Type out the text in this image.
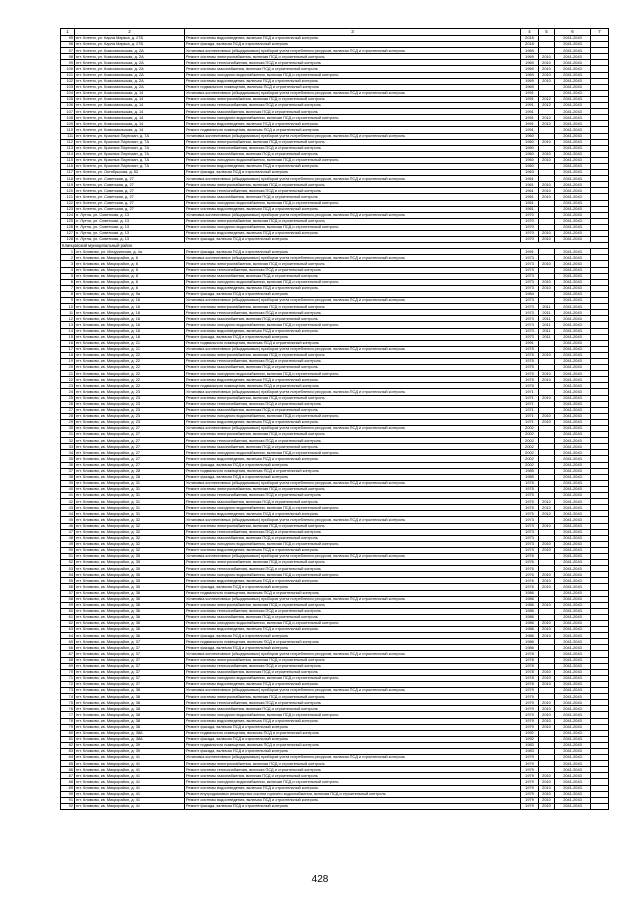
1	2	3	4	5	6	7
95	пгт. Клетня, ул. Карла Маркса, д. 27Б	Ремонт системы водоотведения, включая ПСД и строительный контроль	2018		2041-2043	
96	пгт. Клетня, ул. Карла Маркса, д. 27Б	Ремонт фасада, включая ПСД и строительный контроль	2018		2041-2043	
97	пгт. Клетня, ул. Комсомольская, д. 2А	Установка коллективных (общедомовых) приборов учета потребления ресурсов, включая ПСД и строительный контроль	1969		2041-2043	
98	пгт. Клетня, ул. Комсомольская, д. 2А	Ремонт системы электроснабжения, включая ПСД и строительный контроль	1969	2010	2041-2043	
99	пгт. Клетня, ул. Комсомольская, д. 2А	Ремонт системы теплоснабжения, включая ПСД и строительный контроль	1969	2010	2041-2043	
100	пгт. Клетня, ул. Комсомольская, д. 2А	Ремонт системы газоснабжения, включая ПСД и строительный контроль	1969	2010	2041-2043	
101	пгт. Клетня, ул. Комсомольская, д. 2А	Ремонт системы холодного водоснабжения, включая ПСД и строительный контроль	1969	2010	2041-2043	
102	пгт. Клетня, ул. Комсомольская, д. 2А	Ремонт системы водоотведения, включая ПСД и строительный контроль	1969	2010	2041-2043	
103	пгт. Клетня, ул. Комсомольская, д. 2А	Ремонт подвального помещения, включая ПСД и строительный контроль	1969		2041-2043	
104	пгт. Клетня, ул. Комсомольская, д. 14	Установка коллективных (общедомовых) приборов учета потребления ресурсов, включая ПСД и строительный контроль	1991		2041-2043	
105	пгт. Клетня, ул. Комсомольская, д. 14	Ремонт системы электроснабжения, включая ПСД и строительный контроль	1991	2012	2041-2043	
106	пгт. Клетня, ул. Комсомольская, д. 14	Ремонт системы теплоснабжения, включая ПСД и строительный контроль	1991	2012	2041-2043	
107	пгт. Клетня, ул. Комсомольская, д. 14	Ремонт системы газоснабжения, включая ПСД и строительный контроль	1991		2041-2043	
108	пгт. Клетня, ул. Комсомольская, д. 14	Ремонт системы холодного водоснабжения, включая ПСД и строительный контроль	1991	2012	2041-2043	
109	пгт. Клетня, ул. Комсомольская, д. 14	Ремонт системы водоотведения, включая ПСД и строительный контроль	1991	2012	2041-2043	
110	пгт. Клетня, ул. Комсомольская, д. 14	Ремонт подвального помещения, включая ПСД и строительный контроль	1991		2041-2043	
111	пгт. Клетня, ул. Красных Партизан, д. 7А	Установка коллективных (общедомовых) приборов учета потребления ресурсов, включая ПСД и строительный контроль	1960		2041-2043	
112	пгт. Клетня, ул. Красных Партизан, д. 7А	Ремонт системы электроснабжения, включая ПСД и строительный контроль	1960	2010	2041-2043	
113	пгт. Клетня, ул. Красных Партизан, д. 7А	Ремонт системы теплоснабжения, включая ПСД и строительный контроль	1960		2041-2043	
114	пгт. Клетня, ул. Красных Партизан, д. 7А	Ремонт системы газоснабжения, включая ПСД и строительный контроль	1960	2010	2041-2043	
115	пгт. Клетня, ул. Красных Партизан, д. 7А	Ремонт системы холодного водоснабжения, включая ПСД и строительный контроль	1960	2010	2041-2043	
116	пгт. Клетня, ул. Красных Партизан, д. 7А	Ремонт системы водоотведения, включая ПСД и строительный контроль	1960		2041-2043	
117	пгт. Клетня, ул. Октябрьская, д. 52	Ремонт фасада, включая ПСД и строительный контроль	1963		2041-2043	
118	пгт. Клетня, ул. Советская, д. 27	Установка коллективных (общедомовых) приборов учета потребления ресурсов, включая ПСД и строительный контроль	1961		2041-2043	
119	пгт. Клетня, ул. Советская, д. 27	Ремонт системы электроснабжения, включая ПСД и строительный контроль	1961	2010	2041-2043	
120	пгт. Клетня, ул. Советская, д. 27	Ремонт системы теплоснабжения, включая ПСД и строительный контроль	1961	2010	2041-2043	
121	пгт. Клетня, ул. Советская, д. 27	Ремонт системы газоснабжения, включая ПСД и строительный контроль	1961	2010	2041-2043	
122	пгт. Клетня, ул. Советская, д. 27	Ремонт системы холодного водоснабжения, включая ПСД и строительный контроль	1961		2041-2043	
123	пгт. Клетня, ул. Советская, д. 27	Ремонт системы водоотведения, включая ПСД и строительный контроль	1961		2041-2043	
124	п. Лутна, ул. Советская, д. 13	Установка коллективных (общедомовых) приборов учета потребления ресурсов, включая ПСД и строительный контроль	1970		2041-2043	
125	п. Лутна, ул. Советская, д. 13	Ремонт системы электроснабжения, включая ПСД и строительный контроль	1970		2041-2043	
126	п. Лутна, ул. Советская, д. 13	Ремонт системы холодного водоснабжения, включая ПСД и строительный контроль	1970		2041-2043	
127	п. Лутна, ул. Советская, д. 13	Ремонт системы водоотведения, включая ПСД и строительный контроль	1970	2010	2041-2043	
128	п. Лутна, ул. Советская, д. 13	Ремонт фасада, включая ПСД и строительный контроль	1970	2010	2041-2043	
Клинцовский муниципальный район						
1	пгт. Климово, ул. Мичуринская, д. 4а	Ремонт фасада, включая ПСД и строительный контроль	1991		2041-2043	
2	пгт. Климово, кв. Микрорайон, д. 8	Установка коллективных (общедомовых) приборов учета потребления ресурсов, включая ПСД и строительный контроль	1973		2041-2043	
3	пгт. Климово, кв. Микрорайон, д. 8	Ремонт системы электроснабжения, включая ПСД и строительный контроль	1973	2010	2041-2043	
4	пгт. Климово, кв. Микрорайон, д. 8	Ремонт системы теплоснабжения, включая ПСД и строительный контроль	1973		2041-2043	
5	пгт. Климово, кв. Микрорайон, д. 8	Ремонт системы газоснабжения, включая ПСД и строительный контроль	1973		2041-2043	
6	пгт. Климово, кв. Микрорайон, д. 8	Ремонт системы холодного водоснабжения, включая ПСД и строительный контроль	1973	2010	2041-2043	
7	пгт. Климово, кв. Микрорайон, д. 8	Ремонт системы водоотведения, включая ПСД и строительный контроль	1973	2010	2041-2043	
8	пгт. Климово, кв. Микрорайон, д. 9а	Ремонт фасада, включая ПСД и строительный контроль	1984		2041-2043	
9	пгт. Климово, кв. Микрорайон, д. 16	Установка коллективных (общедомовых) приборов учета потребления ресурсов, включая ПСД и строительный контроль	1973		2041-2043	
10	пгт. Климово, кв. Микрорайон, д. 16	Ремонт системы электроснабжения, включая ПСД и строительный контроль	1973	2011	2041-2043	
11	пгт. Климово, кв. Микрорайон, д. 16	Ремонт системы теплоснабжения, включая ПСД и строительный контроль	1973	2011	2041-2043	
12	пгт. Климово, кв. Микрорайон, д. 16	Ремонт системы газоснабжения, включая ПСД и строительный контроль	1973	2011	2041-2043	
13	пгт. Климово, кв. Микрорайон, д. 16	Ремонт системы холодного водоснабжения, включая ПСД и строительный контроль	1973	2011	2041-2043	
14	пгт. Климово, кв. Микрорайон, д. 16	Ремонт системы водоотведения, включая ПСД и строительный контроль	1973	2011	2041-2043	
15	пгт. Климово, кв. Микрорайон, д. 16	Ремонт фасада, включая ПСД и строительный контроль	1973	2011	2041-2043	
16	пгт. Климово, кв. Микрорайон, д. 21	Ремонт подвального помещения, включая ПСД и строительный контроль	1991		2041-2043	
17	пгт. Климово, кв. Микрорайон, д. 21	Установка коллективных (общедомовых) приборов учета потребления ресурсов, включая ПСД и строительный контроль	1975		2041-2043	
18	пгт. Климово, кв. Микрорайон, д. 22	Ремонт системы электроснабжения, включая ПСД и строительный контроль	1975	2010	2041-2043	
19	пгт. Климово, кв. Микрорайон, д. 22	Ремонт системы теплоснабжения, включая ПСД и строительный контроль	1975		2041-2043	
20	пгт. Климово, кв. Микрорайон, д. 22	Ремонт системы газоснабжения, включая ПСД и строительный контроль	1975		2041-2043	
21	пгт. Климово, кв. Микрорайон, д. 22	Ремонт системы холодного водоснабжения, включая ПСД и строительный контроль	1975	2010	2041-2043	
22	пгт. Климово, кв. Микрорайон, д. 22	Ремонт системы водоотведения, включая ПСД и строительный контроль	1975	2010	2041-2043	
23	пгт. Климово, кв. Микрорайон, д. 22	Ремонт подвального помещения, включая ПСД и строительный контроль	1975		2041-2043	
24	пгт. Климово, кв. Микрорайон, д. 23	Установка коллективных (общедомовых) приборов учета потребления ресурсов, включая ПСД и строительный контроль	1971		2041-2043	
25	пгт. Климово, кв. Микрорайон, д. 23	Ремонт системы электроснабжения, включая ПСД и строительный контроль	1971	2010	2041-2043	
26	пгт. Климово, кв. Микрорайон, д. 23	Ремонт системы теплоснабжения, включая ПСД и строительный контроль	1971		2041-2043	
27	пгт. Климово, кв. Микрорайон, д. 23	Ремонт системы газоснабжения, включая ПСД и строительный контроль	1971		2041-2043	
28	пгт. Климово, кв. Микрорайон, д. 23	Ремонт системы холодного водоснабжения, включая ПСД и строительный контроль	1971	2010	2041-2043	
29	пгт. Климово, кв. Микрорайон, д. 23	Ремонт системы водоотведения, включая ПСД и строительный контроль	1971	2010	2041-2043	
30	пгт. Климово, кв. Микрорайон, д. 27	Установка коллективных (общедомовых) приборов учета потребления ресурсов, включая ПСД и строительный контроль	2002		2041-2043	
31	пгт. Климово, кв. Микрорайон, д. 27	Ремонт системы электроснабжения, включая ПСД и строительный контроль	2002		2041-2043	
32	пгт. Климово, кв. Микрорайон, д. 27	Ремонт системы теплоснабжения, включая ПСД и строительный контроль	2002		2041-2043	
33	пгт. Климово, кв. Микрорайон, д. 27	Ремонт системы газоснабжения, включая ПСД и строительный контроль	2002		2041-2043	
34	пгт. Климово, кв. Микрорайон, д. 27	Ремонт системы холодного водоснабжения, включая ПСД и строительный контроль	2002		2041-2043	
35	пгт. Климово, кв. Микрорайон, д. 27	Ремонт системы водоотведения, включая ПСД и строительный контроль	2002		2041-2043	
36	пгт. Климово, кв. Микрорайон, д. 27	Ремонт фасада, включая ПСД и строительный контроль	2002		2041-2043	
37	пгт. Климово, кв. Микрорайон, д. 28	Ремонт подвального помещения, включая ПСД и строительный контроль	1985		2041-2043	
38	пгт. Климово, кв. Микрорайон, д. 28	Ремонт фасада, включая ПСД и строительный контроль	1985		2041-2043	
39	пгт. Климово, кв. Микрорайон, д. 31	Установка коллективных (общедомовых) приборов учета потребления ресурсов, включая ПСД и строительный контроль	1975		2041-2043	
40	пгт. Климово, кв. Микрорайон, д. 31	Ремонт системы электроснабжения, включая ПСД и строительный контроль	1975		2041-2043	
41	пгт. Климово, кв. Микрорайон, д. 31	Ремонт системы теплоснабжения, включая ПСД и строительный контроль	1975		2041-2043	
42	пгт. Климово, кв. Микрорайон, д. 31	Ремонт системы газоснабжения, включая ПСД и строительный контроль	1975	2012	2041-2043	
43	пгт. Климово, кв. Микрорайон, д. 31	Ремонт системы холодного водоснабжения, включая ПСД и строительный контроль	1975	2012	2041-2043	
44	пгт. Климово, кв. Микрорайон, д. 31	Ремонт системы водоотведения, включая ПСД и строительный контроль	1975	2012	2041-2043	
45	пгт. Климово, кв. Микрорайон, д. 32	Установка коллективных (общедомовых) приборов учета потребления ресурсов, включая ПСД и строительный контроль	1973		2041-2043	
46	пгт. Климово, кв. Микрорайон, д. 32	Ремонт системы электроснабжения, включая ПСД и строительный контроль	1973	2010	2041-2043	
47	пгт. Климово, кв. Микрорайон, д. 32	Ремонт системы теплоснабжения, включая ПСД и строительный контроль	1973		2041-2043	
48	пгт. Климово, кв. Микрорайон, д. 32	Ремонт системы газоснабжения, включая ПСД и строительный контроль	1973		2041-2043	
49	пгт. Климово, кв. Микрорайон, д. 32	Ремонт системы холодного водоснабжения, включая ПСД и строительный контроль	1973	2010	2041-2043	
50	пгт. Климово, кв. Микрорайон, д. 32	Ремонт системы водоотведения, включая ПСД и строительный контроль	1973	2010	2041-2043	
51	пгт. Климово, кв. Микрорайон, д. 35	Установка коллективных (общедомовых) приборов учета потребления ресурсов, включая ПСД и строительный контроль	1976		2041-2043	
52	пгт. Климово, кв. Микрорайон, д. 35	Ремонт системы электроснабжения, включая ПСД и строительный контроль	1976		2041-2043	
53	пгт. Климово, кв. Микрорайон, д. 35	Ремонт системы теплоснабжения, включая ПСД и строительный контроль	1976		2041-2043	
54	пгт. Климово, кв. Микрорайон, д. 35	Ремонт системы холодного водоснабжения, включая ПСД и строительный контроль	1976	2010	2041-2043	
55	пгт. Климово, кв. Микрорайон, д. 35	Ремонт системы водоотведения, включая ПСД и строительный контроль	1976	2010	2041-2043	
56	пгт. Климово, кв. Микрорайон, д. 35	Ремонт фасада, включая ПСД и строительный контроль	1976	2010	2041-2043	
57	пгт. Климово, кв. Микрорайон, д. 36	Ремонт подвального помещения, включая ПСД и строительный контроль	1986		2041-2043	
58	пгт. Климово, кв. Микрорайон, д. 36	Установка коллективных (общедомовых) приборов учета потребления ресурсов, включая ПСД и строительный контроль	1986		2041-2043	
59	пгт. Климово, кв. Микрорайон, д. 36	Ремонт системы электроснабжения, включая ПСД и строительный контроль	1986	2010	2041-2043	
60	пгт. Климово, кв. Микрорайон, д. 36	Ремонт системы теплоснабжения, включая ПСД и строительный контроль	1986		2041-2043	
61	пгт. Климово, кв. Микрорайон, д. 36	Ремонт системы газоснабжения, включая ПСД и строительный контроль	1986		2041-2043	
62	пгт. Климово, кв. Микрорайон, д. 36	Ремонт системы холодного водоснабжения, включая ПСД и строительный контроль	1986	2010	2041-2043	
63	пгт. Климово, кв. Микрорайон, д. 36	Ремонт системы водоотведения, включая ПСД и строительный контроль	1986	2010	2041-2043	
64	пгт. Климово, кв. Микрорайон, д. 36	Ремонт фасада, включая ПСД и строительный контроль	1986	2010	2041-2043	
65	пгт. Климово, кв. Микрорайон, д. 37	Ремонт подвального помещения, включая ПСД и строительный контроль	1986		2041-2043	
66	пгт. Климово, кв. Микрорайон, д. 37	Ремонт фасада, включая ПСД и строительный контроль	1986		2041-2043	
67	пгт. Климово, кв. Микрорайон, д. 37	Установка коллективных (общедомовых) приборов учета потребления ресурсов, включая ПСД и строительный контроль	1978		2041-2043	
68	пгт. Климово, кв. Микрорайон, д. 37	Ремонт системы электроснабжения, включая ПСД и строительный контроль	1978		2041-2043	
69	пгт. Климово, кв. Микрорайон, д. 37	Ремонт системы теплоснабжения, включая ПСД и строительный контроль	1978		2041-2043	
70	пгт. Климово, кв. Микрорайон, д. 37	Ремонт системы газоснабжения, включая ПСД и строительный контроль	1978	2010	2041-2043	
71	пгт. Климово, кв. Микрорайон, д. 37	Ремонт системы холодного водоснабжения, включая ПСД и строительный контроль	1978	2010	2041-2043	
72	пгт. Климово, кв. Микрорайон, д. 37	Ремонт системы водоотведения, включая ПСД и строительный контроль	1978	2010	2041-2043	
73	пгт. Климово, кв. Микрорайон, д. 38	Установка коллективных (общедомовых) приборов учета потребления ресурсов, включая ПСД и строительный контроль	1979		2041-2043	
74	пгт. Климово, кв. Микрорайон, д. 38	Ремонт системы электроснабжения, включая ПСД и строительный контроль	1979		2041-2043	
75	пгт. Климово, кв. Микрорайон, д. 38	Ремонт системы теплоснабжения, включая ПСД и строительный контроль	1979	2010	2041-2043	
76	пгт. Климово, кв. Микрорайон, д. 38	Ремонт системы газоснабжения, включая ПСД и строительный контроль	1979	2010	2041-2043	
77	пгт. Климово, кв. Микрорайон, д. 38	Ремонт системы холодного водоснабжения, включая ПСД и строительный контроль	1979	2010	2041-2043	
78	пгт. Климово, кв. Микрорайон, д. 38	Ремонт системы водоотведения, включая ПСД и строительный контроль	1979	2010	2041-2043	
79	пгт. Климово, кв. Микрорайон, д. 38	Ремонт фасада, включая ПСД и строительный контроль	1979	2010	2041-2043	
80	пгт. Климово, кв. Микрорайон, д. 38А	Ремонт подвального помещения, включая ПСД и строительный контроль	1992		2041-2043	
81	пгт. Климово, кв. Микрорайон, д. 38А	Ремонт фасада, включая ПСД и строительный контроль	1992		2041-2043	
82	пгт. Климово, кв. Микрорайон, д. 39	Ремонт подвального помещения, включая ПСД и строительный контроль	1983		2041-2043	
83	пгт. Климово, кв. Микрорайон, д. 39	Ремонт фасада, включая ПСД и строительный контроль	1983		2041-2043	
84	пгт. Климово, кв. Микрорайон, д. 41	Установка коллективных (общедомовых) приборов учета потребления ресурсов, включая ПСД и строительный контроль	1979		2041-2043	
85	пгт. Климово, кв. Микрорайон, д. 41	Ремонт системы электроснабжения, включая ПСД и строительный контроль	1979		2041-2043	
86	пгт. Климово, кв. Микрорайон, д. 41	Ремонт системы теплоснабжения, включая ПСД и строительный контроль	1979		2041-2043	
87	пгт. Климово, кв. Микрорайон, д. 41	Ремонт системы газоснабжения, включая ПСД и строительный контроль	1979	2010	2041-2043	
88	пгт. Климово, кв. Микрорайон, д. 41	Ремонт системы холодного водоснабжения, включая ПСД и строительный контроль	1979	2010	2041-2043	
89	пгт. Климово, кв. Микрорайон, д. 41	Ремонт системы водоотведения, включая ПСД и строительный контроль	1979	2010	2041-2043	
90	пгт. Климово, кв. Микрорайон, д. 41	Ремонт внутридомовых инженерных систем горячего водоснабжения, включая ПСД и строительный контроль	1979	2010	2041-2043	
91	пгт. Климово, кв. Микрорайон, д. 41	Ремонт системы водоотведения, включая ПСД и строительный контроль	1979	2010	2041-2043	
92	пгт. Климово, кв. Микрорайон, д. 41	Ремонт фасада, включая ПСД и строительный контроль	1979	2010	2041-2043	
428
